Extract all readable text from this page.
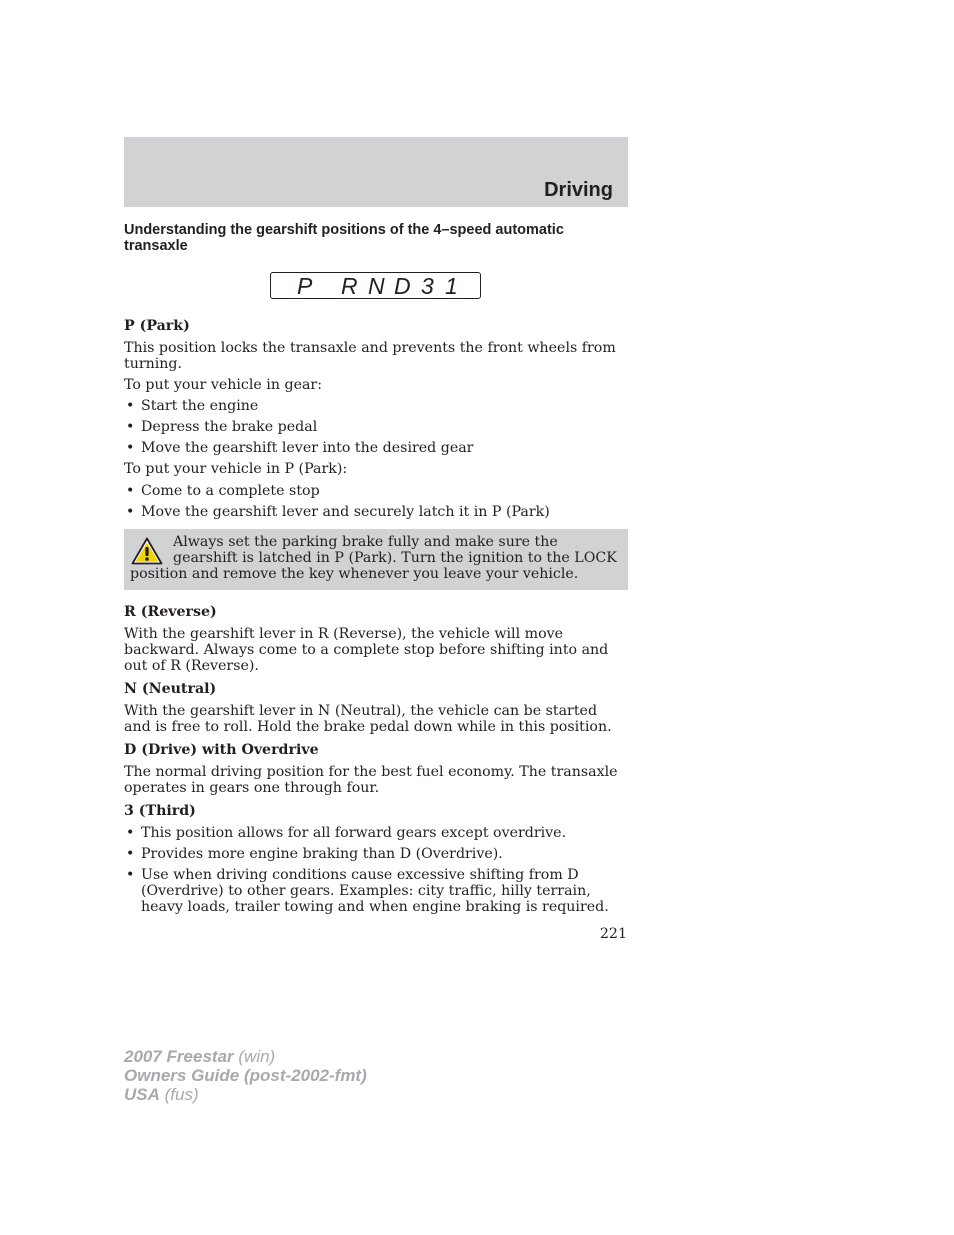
Driving
Understanding the gearshift positions of the 4–speed automatic transaxle
P R N D 3 1

P (Park)

This position locks the transaxle and prevents the front wheels from turning.

To put your vehicle in gear:

• Start the engine
• Depress the brake pedal
• Move the gearshift lever into the desired gear

To put your vehicle in P (Park):

• Come to a complete stop
• Move the gearshift lever and securely latch it in P (Park)

Always set the parking brake fully and make sure the gearshift is latched in P (Park). Turn the ignition to the LOCK position and remove the key whenever you leave your vehicle.

R (Reverse)

With the gearshift lever in R (Reverse), the vehicle will move backward. Always come to a complete stop before shifting into and out of R (Reverse).

N (Neutral)

With the gearshift lever in N (Neutral), the vehicle can be started and is free to roll. Hold the brake pedal down while in this position.

D (Drive) with Overdrive

The normal driving position for the best fuel economy. The transaxle operates in gears one through four.

3 (Third)

• This position allows for all forward gears except overdrive.
• Provides more engine braking than D (Overdrive).
• Use when driving conditions cause excessive shifting from D (Overdrive) to other gears. Examples: city traffic, hilly terrain, heavy loads, trailer towing and when engine braking is required.
221
2007 Freestar (win)
Owners Guide (post-2002-fmt)
USA (fus)
